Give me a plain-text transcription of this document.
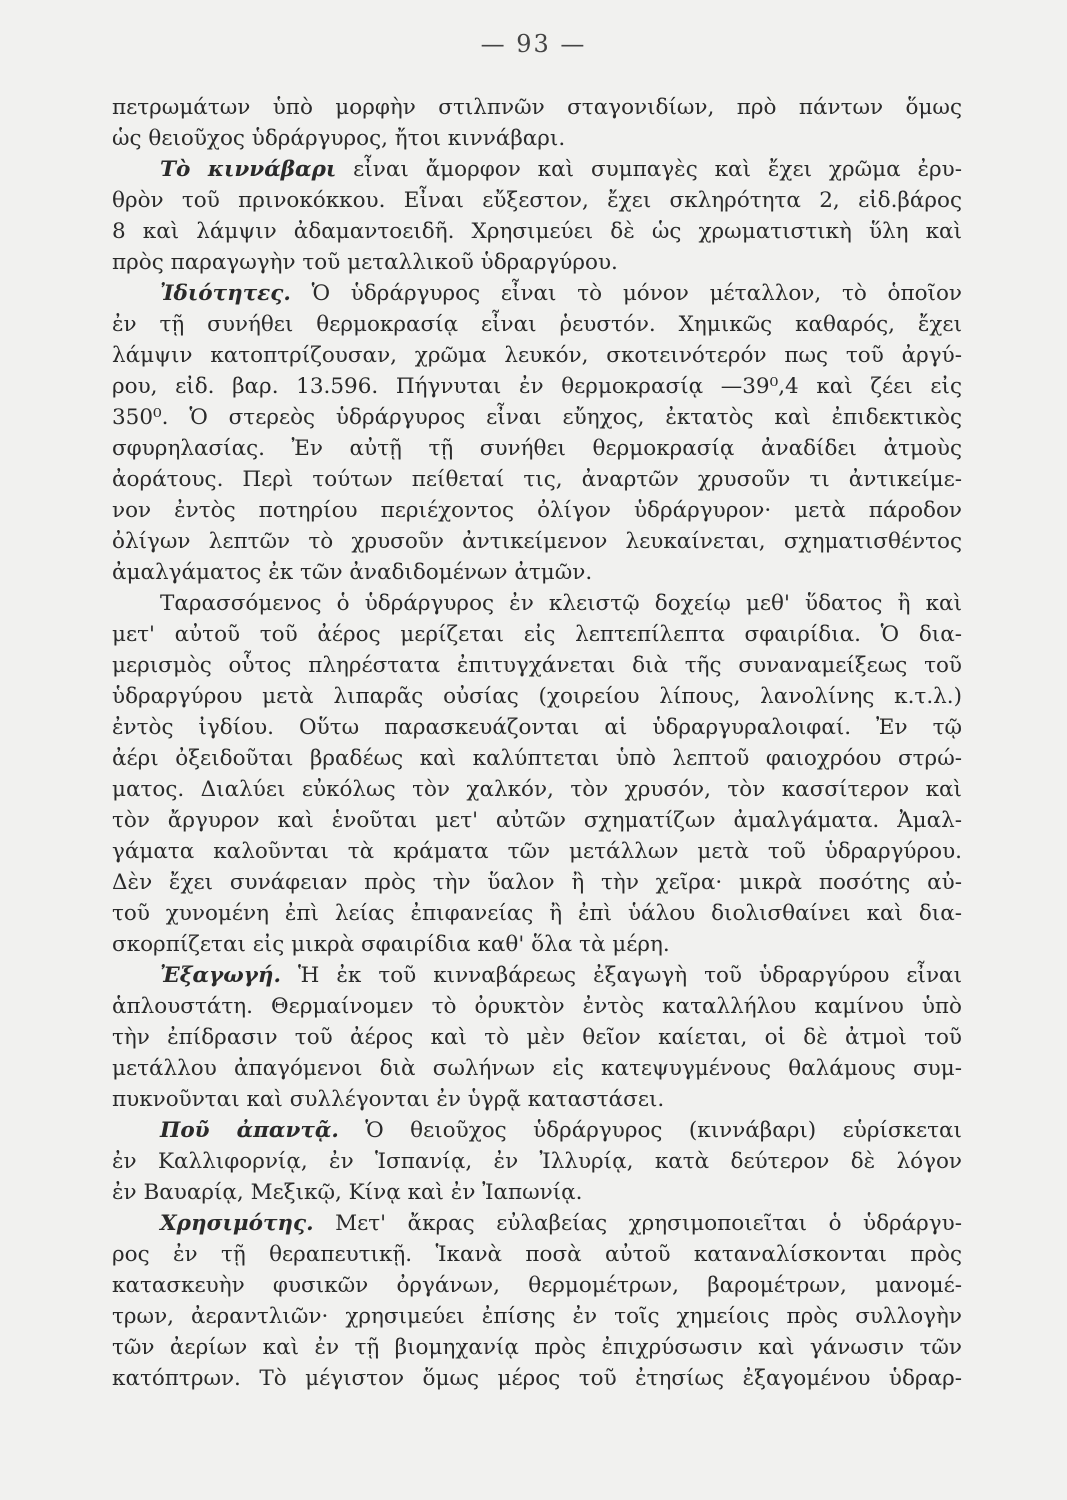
— 93 —
πετρωμάτων ὑπὸ μορφὴν στιλπνῶν σταγονιδίων, πρὸ πάντων ὅμως
ὡς θειοῦχος ὑδράργυρος, ἤτοι κιννάβαρι.
Τὸ κιννάβαρι εἶναι ἄμορφον καὶ συμπαγὲς καὶ ἔχει χρῶμα ἐρυ-
θρὸν τοῦ πρινοκόκκου. Εἶναι εὔξεστον, ἔχει σκληρότητα 2, εἰδ.βάρος
8 καὶ λάμψιν ἀδαμαντοειδῆ. Χρησιμεύει δὲ ὡς χρωματιστικὴ ὕλη καὶ
πρὸς παραγωγὴν τοῦ μεταλλικοῦ ὑδραργύρου.
Ἰδιότητες. Ὁ ὑδράργυρος εἶναι τὸ μόνον μέταλλον, τὸ ὁποῖον
ἐν τῇ συνήθει θερμοκρασίᾳ εἶναι ῥευστόν. Χημικῶς καθαρός, ἔχει
λάμψιν κατοπτρίζουσαν, χρῶμα λευκόν, σκοτεινότερόν πως τοῦ ἀργύ-
ρου, εἰδ. βαρ. 13.596. Πήγνυται ἐν θερμοκρασίᾳ —39⁰,4 καὶ ζέει εἰς
350⁰. Ὁ στερεὸς ὑδράργυρος εἶναι εὔηχος, ἐκτατὸς καὶ ἐπιδεκτικὸς
σφυρηλασίας. Ἐν αὐτῇ τῇ συνήθει θερμοκρασίᾳ ἀναδίδει ἀτμοὺς
ἀοράτους. Περὶ τούτων πείθεταί τις, ἀναρτῶν χρυσοῦν τι ἀντικείμε-
νον ἐντὸς ποτηρίου περιέχοντος ὀλίγον ὑδράργυρον· μετὰ πάροδον
ὀλίγων λεπτῶν τὸ χρυσοῦν ἀντικείμενον λευκαίνεται, σχηματισθέντος
ἀμαλγάματος ἐκ τῶν ἀναδιδομένων ἀτμῶν.
Ταρασσόμενος ὁ ὑδράργυρος ἐν κλειστῷ δοχείῳ μεθ' ὕδατος ἢ καὶ
μετ' αὐτοῦ τοῦ ἀέρος μερίζεται εἰς λεπτεπίλεπτα σφαιρίδια. Ὁ δια-
μερισμὸς οὗτος πληρέστατα ἐπιτυγχάνεται διὰ τῆς συναναμείξεως τοῦ
ὑδραργύρου μετὰ λιπαρᾶς οὐσίας (χοιρείου λίπους, λανολίνης κ.τ.λ.)
ἐντὸς ἰγδίου. Οὕτω παρασκευάζονται αἱ ὑδραργυραλοιφαί. Ἐν τῷ
ἀέρι ὀξειδοῦται βραδέως καὶ καλύπτεται ὑπὸ λεπτοῦ φαιοχρόου στρώ-
ματος. Διαλύει εὐκόλως τὸν χαλκόν, τὸν χρυσόν, τὸν κασσίτερον καὶ
τὸν ἄργυρον καὶ ἑνοῦται μετ' αὐτῶν σχηματίζων ἀμαλγάματα. Ἀμαλ-
γάματα καλοῦνται τὰ κράματα τῶν μετάλλων μετὰ τοῦ ὑδραργύρου.
Δὲν ἔχει συνάφειαν πρὸς τὴν ὕαλον ἢ τὴν χεῖρα· μικρὰ ποσότης αὐ-
τοῦ χυνομένη ἐπὶ λείας ἐπιφανείας ἢ ἐπὶ ὑάλου διολισθαίνει καὶ δια-
σκορπίζεται εἰς μικρὰ σφαιρίδια καθ' ὅλα τὰ μέρη.
Ἐξαγωγή. Ἡ ἐκ τοῦ κινναβάρεως ἐξαγωγὴ τοῦ ὑδραργύρου εἶναι
ἁπλουστάτη. Θερμαίνομεν τὸ ὀρυκτὸν ἐντὸς καταλλήλου καμίνου ὑπὸ
τὴν ἐπίδρασιν τοῦ ἀέρος καὶ τὸ μὲν θεῖον καίεται, οἱ δὲ ἀτμοὶ τοῦ
μετάλλου ἀπαγόμενοι διὰ σωλήνων εἰς κατεψυγμένους θαλάμους συμ-
πυκνοῦνται καὶ συλλέγονται ἐν ὑγρᾷ καταστάσει.
Ποῦ ἀπαντᾷ. Ὁ θειοῦχος ὑδράργυρος (κιννάβαρι) εὑρίσκεται
ἐν Καλλιφορνίᾳ, ἐν Ἱσπανίᾳ, ἐν Ἰλλυρίᾳ, κατὰ δεύτερον δὲ λόγον
ἐν Βαυαρίᾳ, Μεξικῷ, Κίνᾳ καὶ ἐν Ἰαπωνίᾳ.
Χρησιμότης. Μετ' ἄκρας εὐλαβείας χρησιμοποιεῖται ὁ ὑδράργυ-
ρος ἐν τῇ θεραπευτικῇ. Ἱκανὰ ποσὰ αὐτοῦ καταναλίσκονται πρὸς
κατασκευὴν φυσικῶν ὀργάνων, θερμομέτρων, βαρομέτρων, μανομέ-
τρων, ἀεραντλιῶν· χρησιμεύει ἐπίσης ἐν τοῖς χημείοις πρὸς συλλογὴν
τῶν ἀερίων καὶ ἐν τῇ βιομηχανίᾳ πρὸς ἐπιχρύσωσιν καὶ γάνωσιν τῶν
κατόπτρων. Τὸ μέγιστον ὅμως μέρος τοῦ ἐτησίως ἐξαγομένου ὑδραρ-
